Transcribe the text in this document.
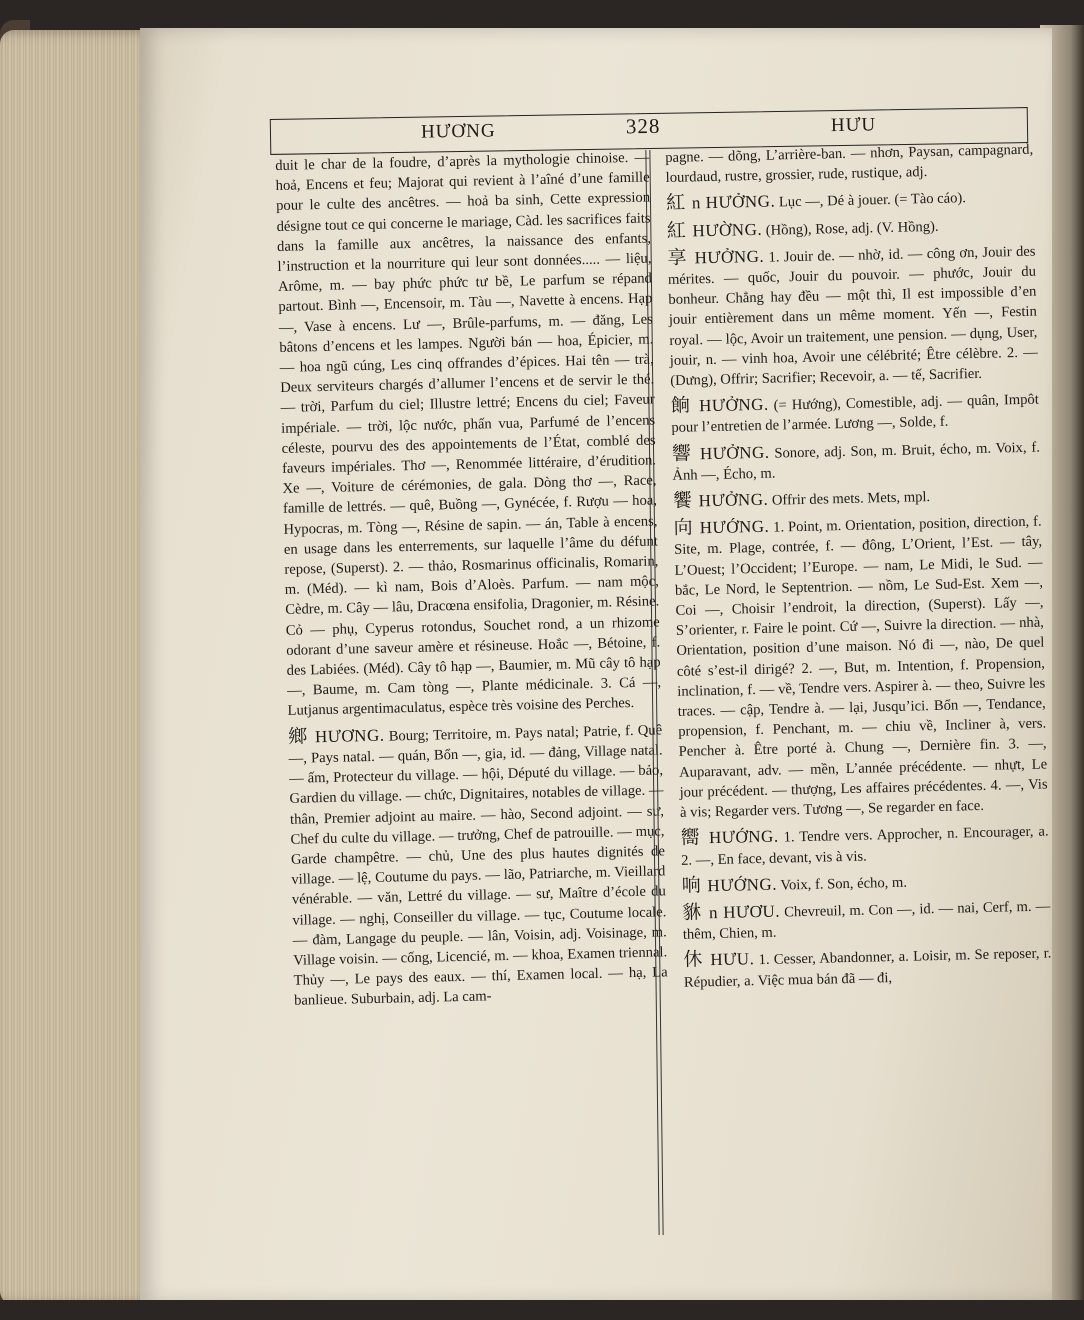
HƯƠNG	328	HƯU

duit le char de la foudre, d’après la mythologie chinoise. — hoả, Encens et feu; Majorat qui revient à l’aîné d’une famille pour le culte des ancêtres. — hoả ba sinh, Cette expression désigne tout ce qui concerne le mariage, Càd. les sacrifices faits dans la famille aux ancêtres, la naissance des enfants, l’instruction et la nourriture qui leur sont données..... — liệu, Arôme, m. — bay phức phức tư bề, Le parfum se répand partout. Bình —, Encensoir, m. Tàu —, Navette à encens. Hạp —, Vase à encens. Lư —, Brûle-parfums, m. — đăng, Les bâtons d’encens et les lampes. Người bán — hoa, Épicier, m. — hoa ngũ cúng, Les cinq offrandes d’épices. Hai tên — trà, Deux serviteurs chargés d’allumer l’encens et de servir le thé. — trời, Parfum du ciel; Illustre lettré; Encens du ciel; Faveur impériale. — trời, lộc nước, phấn vua, Parfumé de l’encens céleste, pourvu des des appointements de l’État, comblé des faveurs impériales. Thơ —, Renommée littéraire, d’érudition. Xe —, Voiture de cérémonies, de gala. Dòng thơ —, Race, famille de lettrés. — quê, Buồng —, Gynécée, f. Rượu — hoa, Hypocras, m. Tòng —, Résine de sapin. — án, Table à encens, en usage dans les enterrements, sur laquelle l’âme du défunt repose, (Superst). 2. — thảo, Rosmarinus officinalis, Romarin, m. (Méd). — kì nam, Bois d’Aloès. Parfum. — nam mộc, Cèdre, m. Cây — lâu, Dracœna ensifolia, Dragonier, m. Résine. Cỏ — phụ, Cyperus rotondus, Souchet rond, a un rhizome odorant d’une saveur amère et résineuse. Hoắc —, Bétoine, f. des Labiées. (Méd). Cây tô hạp —, Baumier, m. Mũ cây tô hạp —, Baume, m. Cam tòng —, Plante médicinale. 3. Cá —, Lutjanus argentimaculatus, espèce très voisine des Perches.

鄉 HƯƠNG. Bourg; Territoire, m. Pays natal; Patrie, f. Quê —, Pays natal. — quán, Bổn —, gia, id. — đảng, Village natal. — ấm, Protecteur du village. — hội, Député du village. — bảo, Gardien du village. — chức, Dignitaires, notables de village. — thân, Premier adjoint au maire. — hào, Second adjoint. — sư, Chef du culte du village. — trưởng, Chef de patrouille. — mục, Garde champêtre. — chủ, Une des plus hautes dignités de village. — lệ, Coutume du pays. — lão, Patriarche, m. Vieillard vénérable. — văn, Lettré du village. — sư, Maître d’école du village. — nghị, Conseiller du village. — tục, Coutume locale. — đàm, Langage du peuple. — lân, Voisin, adj. Voisinage, m. Village voisin. — cống, Licencié, m. — khoa, Examen triennal. Thủy —, Le pays des eaux. — thí, Examen local. — hạ, La banlieue. Suburbain, adj. La cam-

pagne. — dõng, L’arrière-ban. — nhơn, Paysan, campagnard, lourdaud, rustre, grossier, rude, rustique, adj.

紅 n HƯỞNG. Lục —, Dé à jouer. (= Tào cáo).

紅 HƯỜNG. (Hồng), Rose, adj. (V. Hồng).

享 HƯỞNG. 1. Jouir de. — nhờ, id. — công ơn, Jouir des mérites. — quốc, Jouir du pouvoir. — phước, Jouir du bonheur. Chẳng hay đều — một thì, Il est impossible d’en jouir entièrement dans un même moment. Yến —, Festin royal. — lộc, Avoir un traitement, une pension. — dụng, User, jouir, n. — vinh hoa, Avoir une célébrité; Être célèbre. 2. — (Dưng), Offrir; Sacrifier; Recevoir, a. — tế, Sacrifier.

餉 HƯỞNG. (= Hướng), Comestible, adj. — quân, Impôt pour l’entretien de l’armée. Lương —, Solde, f.

響 HƯỞNG. Sonore, adj. Son, m. Bruit, écho, m. Voix, f. Ảnh —, Écho, m.

饗 HƯỞNG. Offrir des mets. Mets, mpl.

向 HƯỚNG. 1. Point, m. Orientation, position, direction, f. Site, m. Plage, contrée, f. — đông, L’Orient, l’Est. — tây, L’Ouest; l’Occident; l’Europe. — nam, Le Midi, le Sud. — bắc, Le Nord, le Septentrion. — nồm, Le Sud-Est. Xem —, Coi —, Choisir l’endroit, la direction, (Superst). Lấy —, S’orienter, r. Faire le point. Cứ —, Suivre la direction. — nhà, Orientation, position d’une maison. Nó đi —, nào, De quel côté s’est-il dirigé? 2. —, But, m. Intention, f. Propension, inclination, f. — về, Tendre vers. Aspirer à. — theo, Suivre les traces. — cập, Tendre à. — lại, Jusqu’ici. Bổn —, Tendance, propension, f. Penchant, m. — chiu về, Incliner à, vers. Pencher à. Être porté à. Chung —, Dernière fin. 3. —, Auparavant, adv. — mền, L’année précédente. — nhựt, Le jour précédent. — thượng, Les affaires précédentes. 4. —, Vis à vis; Regarder vers. Tương —, Se regarder en face.

嚮 HƯỚNG. 1. Tendre vers. Approcher, n. Encourager, a. 2. —, En face, devant, vis à vis.

响 HƯỚNG. Voix, f. Son, écho, m.

貅 n HƯƠU. Chevreuil, m. Con —, id. — nai, Cerf, m. — thêm, Chien, m.

休 HƯU. 1. Cesser, Abandonner, a. Loisir, m. Se reposer, r. Répudier, a. Việc mua bán đã — đi,
